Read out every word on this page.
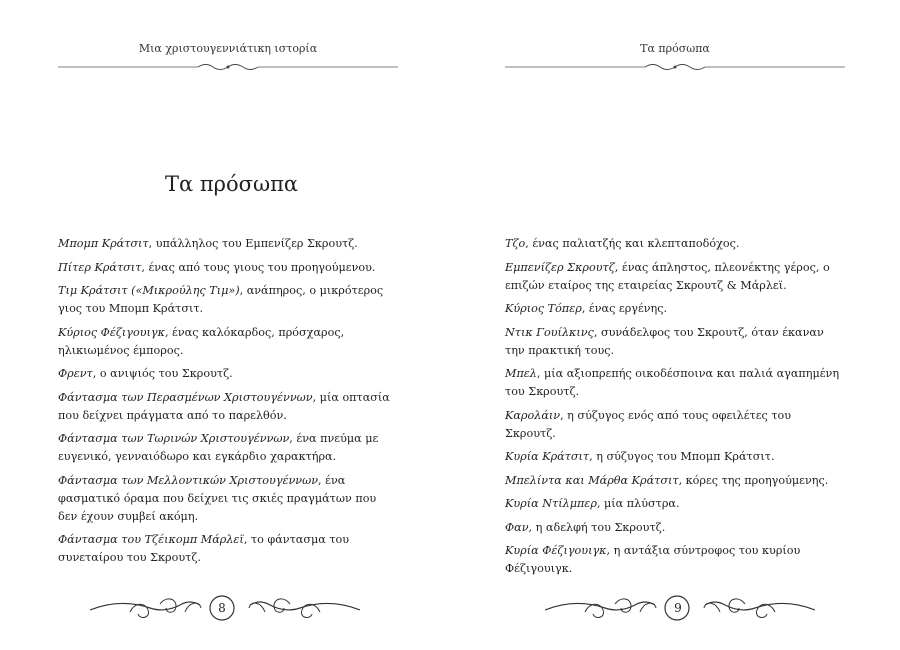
Μια χριστουγεννιάτικη ιστορία
Τα πρόσωπα
Μπομπ Κράτσιτ, υπάλληλος του Εμπενίζερ Σκρουτζ.
Πίτερ Κράτσιτ, ένας από τους γιους του προηγούμενου.
Τιμ Κράτσιτ («Μικρούλης Τιμ»), ανάπηρος, ο μικρότερος γιος του Μπομπ Κράτσιτ.
Κύριος Φέζιγουιγκ, ένας καλόκαρδος, πρόσχαρος, ηλικιωμένος έμπορος.
Φρεντ, ο ανιψιός του Σκρουτζ.
Φάντασμα των Περασμένων Χριστουγέννων, μία οπτασία που δείχνει πράγματα από το παρελθόν.
Φάντασμα των Τωρινών Χριστουγέννων, ένα πνεύμα με ευγενικό, γενναιόδωρο και εγκάρδιο χαρακτήρα.
Φάντασμα των Μελλοντικών Χριστουγέννων, ένα φασματικό όραμα που δείχνει τις σκιές πραγμάτων που δεν έχουν συμβεί ακόμη.
Φάντασμα του Τζέικομπ Μάρλεϊ, το φάντασμα του συνεταίρου του Σκρουτζ.
8
Τα πρόσωπα
Τζο, ένας παλιατζής και κλεπταποδόχος.
Εμπενίζερ Σκρουτζ, ένας άπληστος, πλεονέκτης γέρος, ο επιζών εταίρος της εταιρείας Σκρουτζ & Μάρλεϊ.
Κύριος Τόπερ, ένας εργένης.
Ντικ Γουίλκινς, συνάδελφος του Σκρουτζ, όταν έκαναν την πρακτική τους.
Μπελ, μία αξιοπρεπής οικοδέσποινα και παλιά αγαπημένη του Σκρουτζ.
Καρολάιν, η σύζυγος ενός από τους οφειλέτες του Σκρουτζ.
Κυρία Κράτσιτ, η σύζυγος του Μπομπ Κράτσιτ.
Μπελίντα και Μάρθα Κράτσιτ, κόρες της προηγούμενης.
Κυρία Ντίλμπερ, μία πλύστρα.
Φαν, η αδελφή του Σκρουτζ.
Κυρία Φέζιγουιγκ, η αντάξια σύντροφος του κυρίου Φέζιγουιγκ.
9
